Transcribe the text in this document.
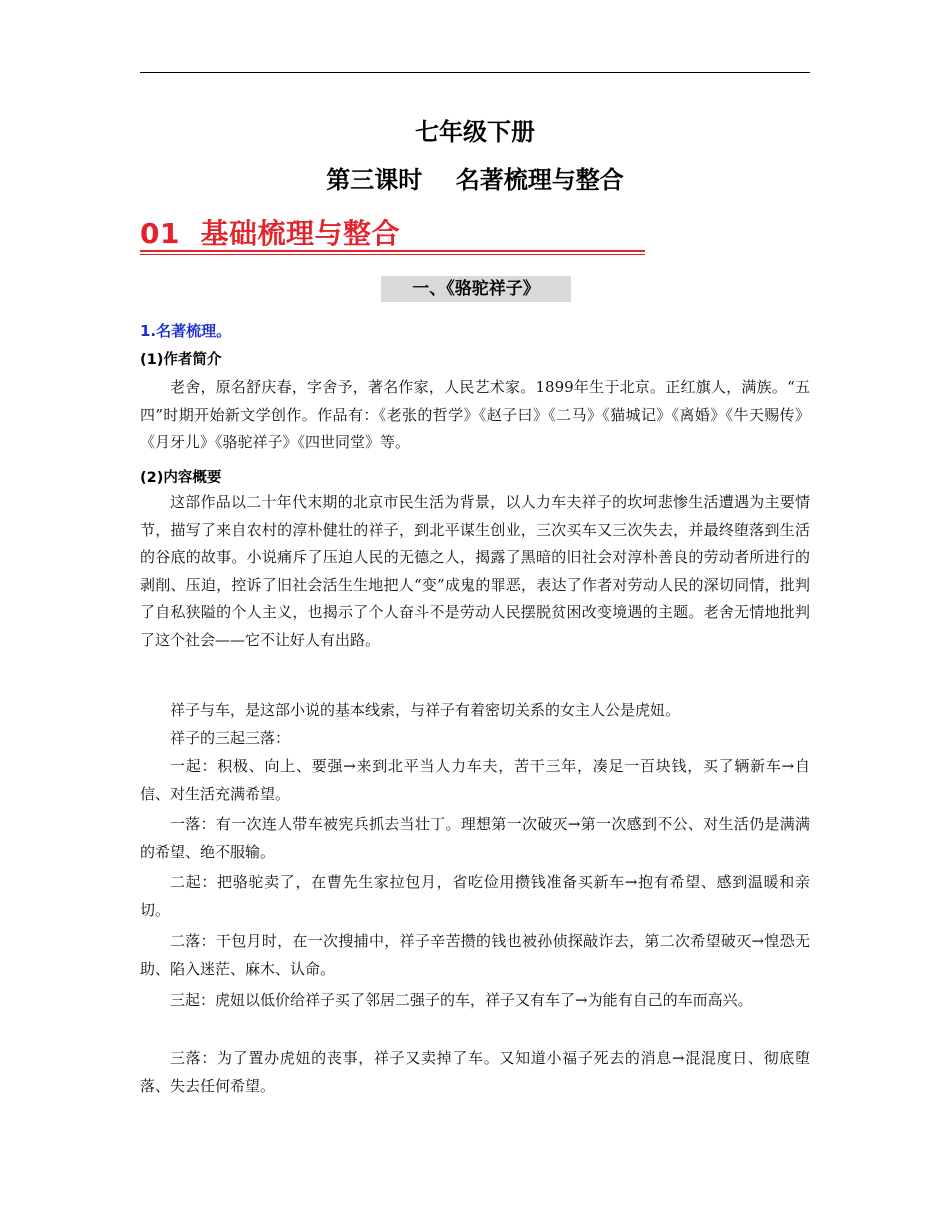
七年级下册
第三课时    名著梳理与整合
01  基础梳理与整合
一、《骆驼祥子》
1.名著梳理。
(1)作者简介

老舍，原名舒庆春，字舍予，著名作家，人民艺术家。1899年生于北京。正红旗人，满族。“五四”时期开始新文学创作。作品有：《老张的哲学》《赵子曰》《二马》《猫城记》《离婚》《牛天赐传》《月牙儿》《骆驼祥子》《四世同堂》等。

(2)内容概要

这部作品以二十年代末期的北京市民生活为背景，以人力车夫祥子的坎坷悲惨生活遭遇为主要情节，描写了来自农村的淳朴健壮的祥子，到北平谋生创业，三次买车又三次失去，并最终堕落到生活的谷底的故事。小说痛斥了压迫人民的无德之人，揭露了黑暗的旧社会对淳朴善良的劳动者所进行的剥削、压迫，控诉了旧社会活生生地把人“变”成鬼的罪恶，表达了作者对劳动人民的深切同情，批判了自私狭隘的个人主义，也揭示了个人奋斗不是劳动人民摆脱贫困改变境遇的主题。老舍无情地批判了这个社会——它不让好人有出路。

祥子与车，是这部小说的基本线索，与祥子有着密切关系的女主人公是虎妞。

祥子的三起三落：

一起：积极、向上、要强→来到北平当人力车夫，苦干三年，凑足一百块钱，买了辆新车→自信、对生活充满希望。

一落：有一次连人带车被宪兵抓去当壮丁。理想第一次破灭→第一次感到不公、对生活仍是满满的希望、绝不服输。

二起：把骆驼卖了，在曹先生家拉包月，省吃俭用攒钱准备买新车→抱有希望、感到温暖和亲切。

二落：干包月时，在一次搜捕中，祥子辛苦攒的钱也被孙侦探敲诈去，第二次希望破灭→惶恐无助、陷入迷茫、麻木、认命。

三起：虎妞以低价给祥子买了邻居二强子的车，祥子又有车了→为能有自己的车而高兴。

三落：为了置办虎妞的丧事，祥子又卖掉了车。又知道小福子死去的消息→混混度日、彻底堕落、失去任何希望。
